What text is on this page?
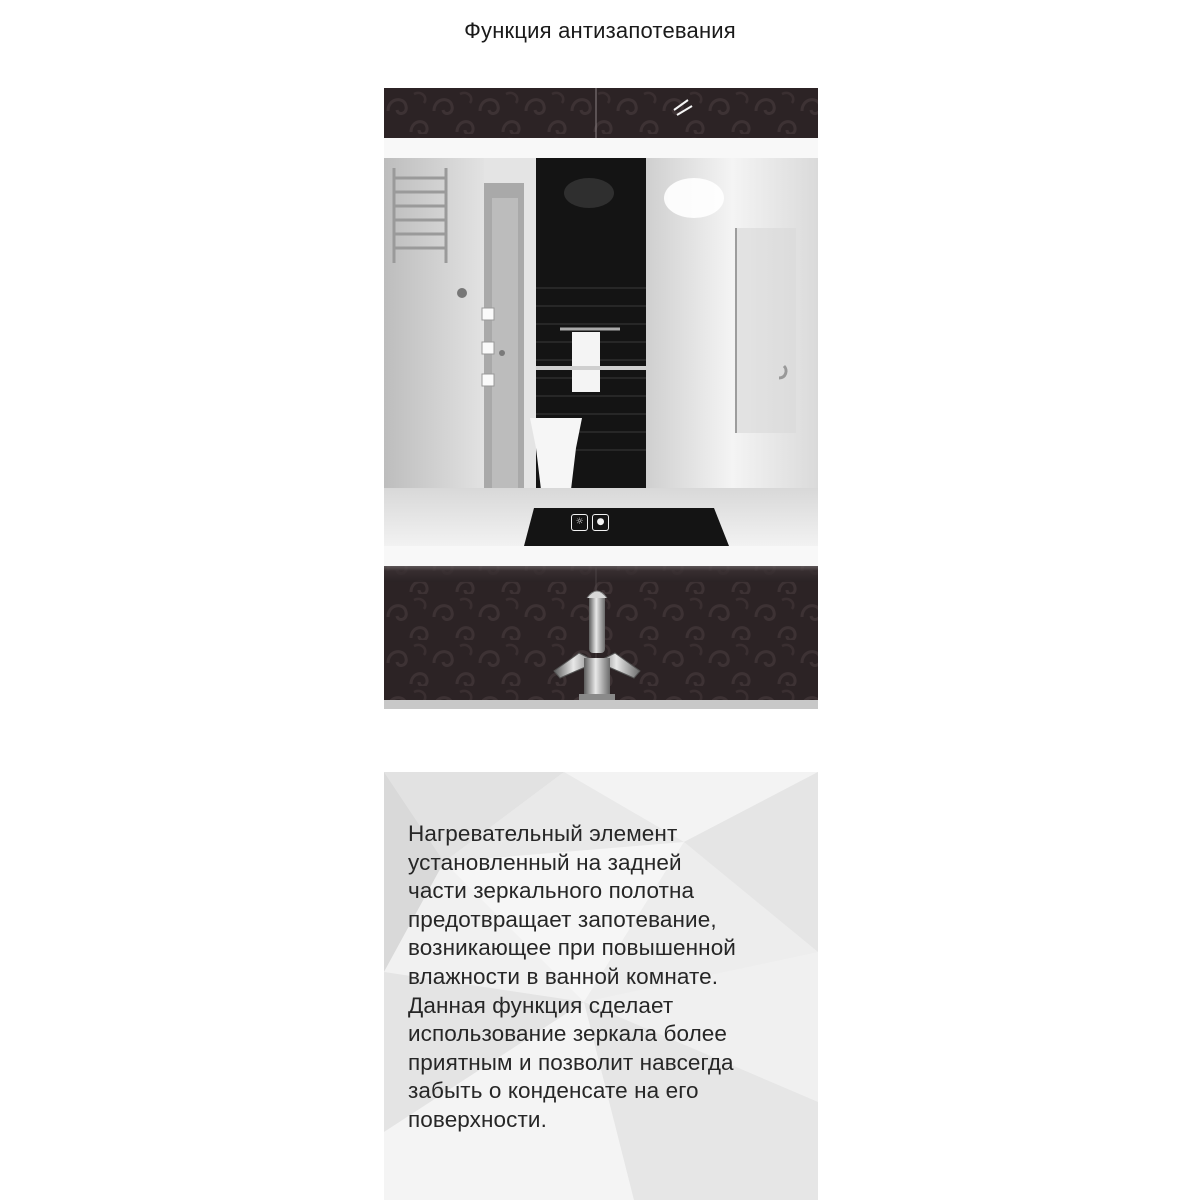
Функция антизапотевания
☼	●

Нагревательный элемент
установленный на задней
части зеркального полотна
предотвращает запотевание,
возникающее при повышенной
влажности в ванной комнате.
Данная функция сделает
использование зеркала более
приятным и позволит навсегда
забыть о конденсате на его
поверхности.
